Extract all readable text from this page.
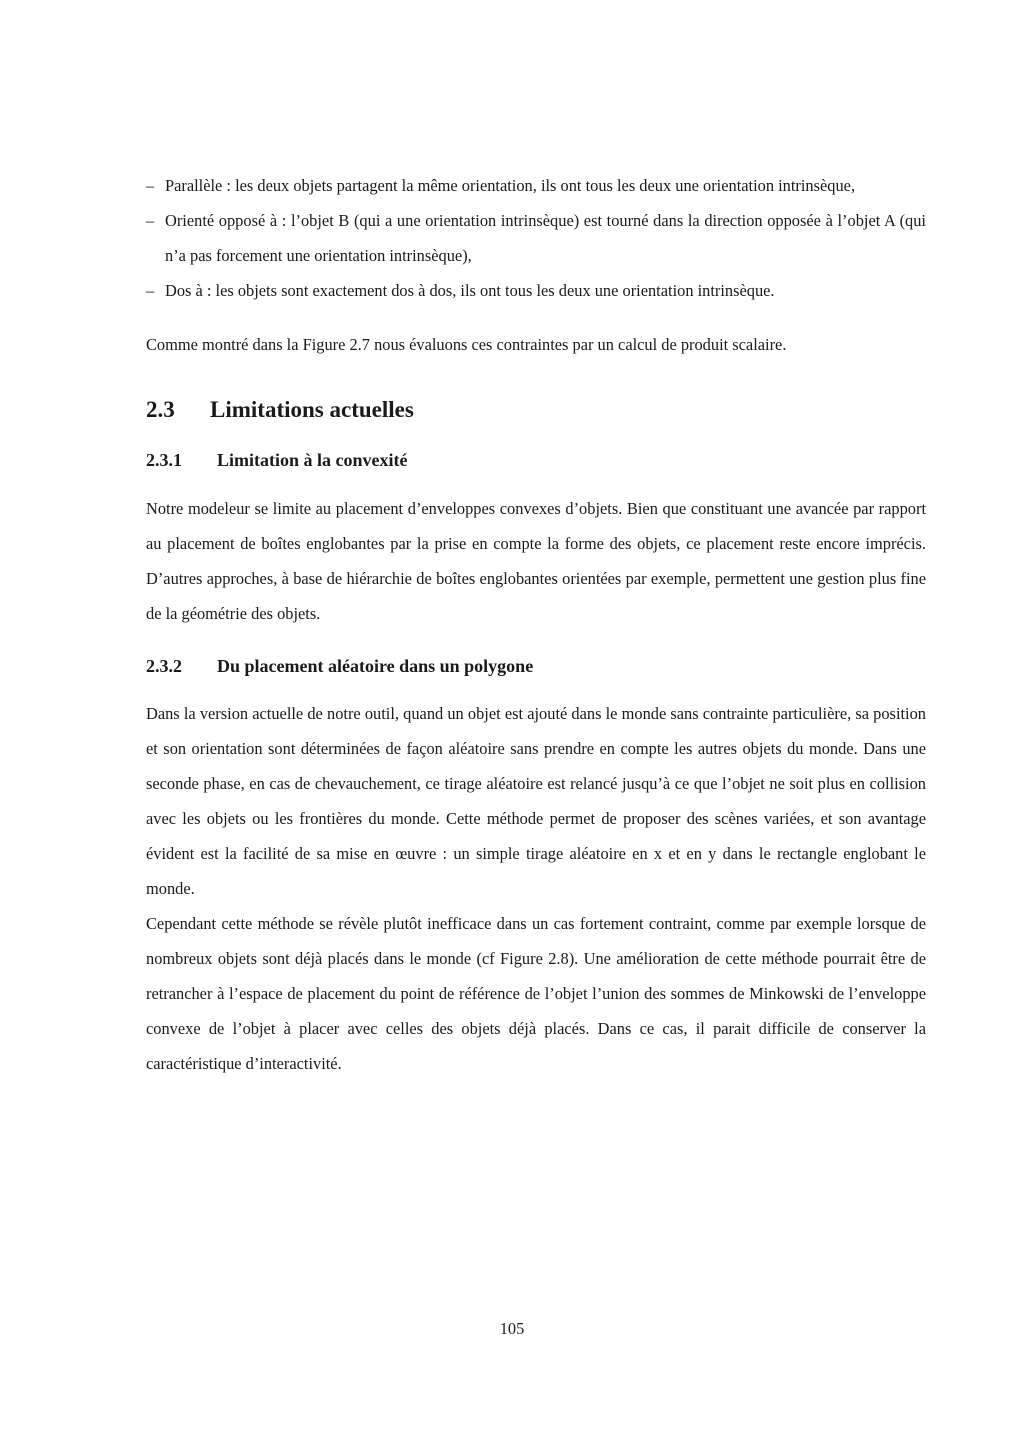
– Parallèle : les deux objets partagent la même orientation, ils ont tous les deux une orientation intrinsèque,
– Orienté opposé à : l’objet B (qui a une orientation intrinsèque) est tourné dans la direction opposée à l’objet A (qui n’a pas forcement une orientation intrinsèque),
– Dos à : les objets sont exactement dos à dos, ils ont tous les deux une orientation intrinsèque.

Comme montré dans la Figure 2.7 nous évaluons ces contraintes par un calcul de produit scalaire.

2.3 Limitations actuelles
2.3.1 Limitation à la convexité

Notre modeleur se limite au placement d’enveloppes convexes d’objets. Bien que constituant une avancée par rapport au placement de boîtes englobantes par la prise en compte la forme des objets, ce placement reste encore imprécis. D’autres approches, à base de hiérarchie de boîtes englobantes orientées par exemple, permettent une gestion plus fine de la géométrie des objets.

2.3.2 Du placement aléatoire dans un polygone

Dans la version actuelle de notre outil, quand un objet est ajouté dans le monde sans contrainte particulière, sa position et son orientation sont déterminées de façon aléatoire sans prendre en compte les autres objets du monde. Dans une seconde phase, en cas de chevauchement, ce tirage aléatoire est relancé jusqu’à ce que l’objet ne soit plus en collision avec les objets ou les frontières du monde. Cette méthode permet de proposer des scènes variées, et son avantage évident est la facilité de sa mise en œuvre : un simple tirage aléatoire en x et en y dans le rectangle englobant le monde.

Cependant cette méthode se révèle plutôt inefficace dans un cas fortement contraint, comme par exemple lorsque de nombreux objets sont déjà placés dans le monde (cf Figure 2.8). Une amélioration de cette méthode pourrait être de retrancher à l’espace de placement du point de référence de l’objet l’union des sommes de Minkowski de l’enveloppe convexe de l’objet à placer avec celles des objets déjà placés. Dans ce cas, il parait difficile de conserver la caractéristique d’interactivité.

105
